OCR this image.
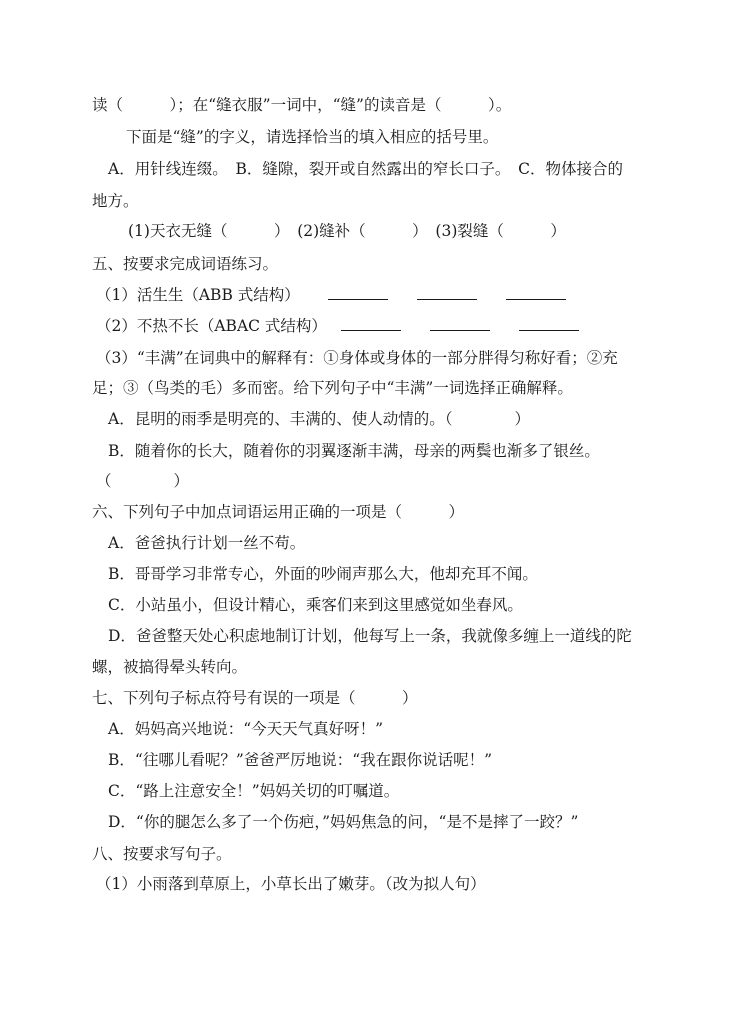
读（　　　）；在“缝衣服”一词中，“缝”的读音是（　　　）。
下面是“缝”的字义，请选择恰当的填入相应的括号里。
A．用针线连缀。　B．缝隙，裂开或自然露出的窄长口子。　C．物体接合的
地方。
(1)天衣无缝（　　　）　(2)缝补（　　　）　(3)裂缝（　　　）
五、按要求完成词语练习。
（1）活生生（ABB 式结构）
（2）不热不长（ABAC 式结构）
（3）“丰满”在词典中的解释有：①身体或身体的一部分胖得匀称好看；②充
足；③（鸟类的毛）多而密。给下列句子中“丰满”一词选择正确解释。
A．昆明的雨季是明亮的、丰满的、使人动情的。（　　　　）
B．随着你的长大，随着你的羽翼逐渐丰满，母亲的两鬓也渐多了银丝。
（　　　　）
六、下列句子中加点词语运用正确的一项是（　　　）
A．爸爸执行计划一丝不苟。
B．哥哥学习非常专心，外面的吵闹声那么大，他却充耳不闻。
C．小站虽小，但设计精心，乘客们来到这里感觉如坐春风。
D．爸爸整天处心积虑地制订计划，他每写上一条，我就像多缠上一道线的陀
螺，被搞得晕头转向。
七、下列句子标点符号有误的一项是（　　　）
A．妈妈高兴地说：“今天天气真好呀！”
B．“往哪儿看呢？”爸爸严厉地说：“我在跟你说话呢！”
C．“路上注意安全！”妈妈关切的叮嘱道。
D．“你的腿怎么多了一个伤疤，”妈妈焦急的问，“是不是摔了一跤？”
八、按要求写句子。
（1）小雨落到草原上，小草长出了嫩芽。（改为拟人句）
